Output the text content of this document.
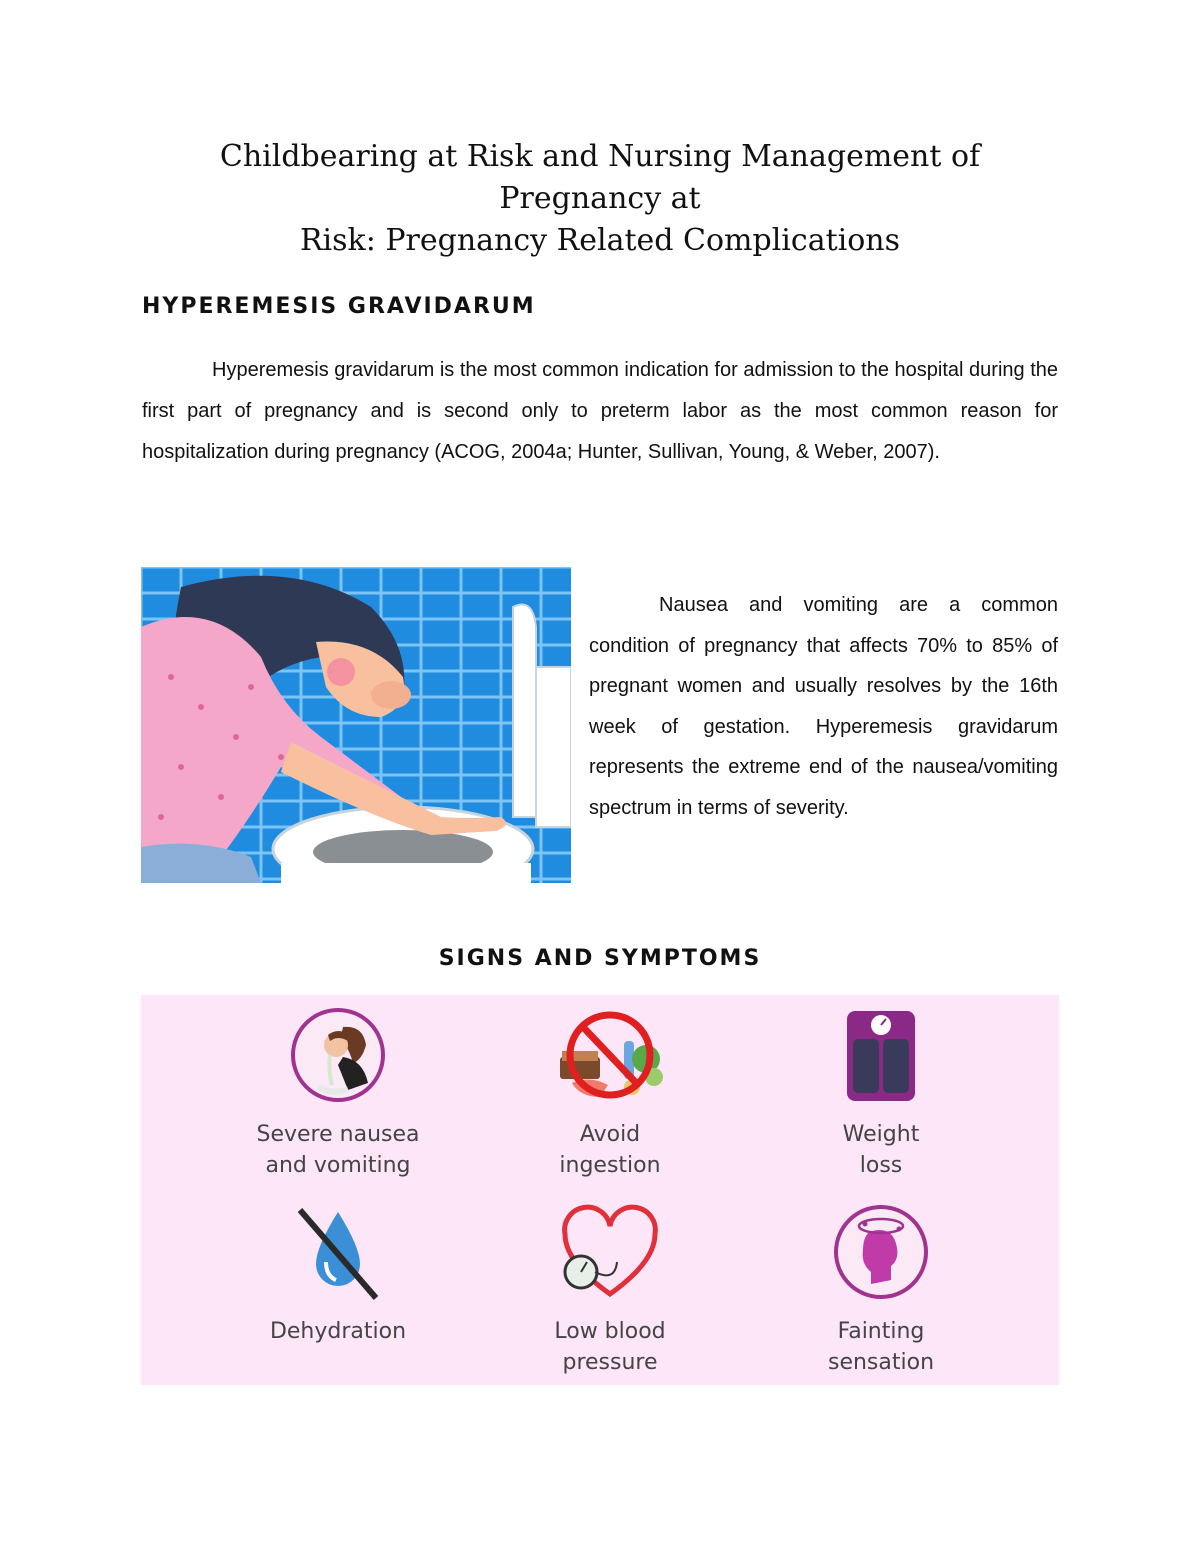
Childbearing at Risk and Nursing Management of Pregnancy at
Risk: Pregnancy Related Complications
HYPEREMESIS GRAVIDARUM

Hyperemesis gravidarum is the most common indication for admission to the hospital during the first part of pregnancy and is second only to preterm labor as the most common reason for hospitalization during pregnancy (ACOG, 2004a; Hunter, Sullivan, Young, & Weber, 2007).

Nausea and vomiting are a common condition of pregnancy that affects 70% to 85% of pregnant women and usually resolves by the 16th week of gestation. Hyperemesis gravidarum represents the extreme end of the nausea/vomiting spectrum in terms of severity.

SIGNS AND SYMPTOMS
Severe nausea
and vomiting
Avoid
ingestion
Weight
loss
Dehydration	Low blood
pressure
Fainting
sensation
